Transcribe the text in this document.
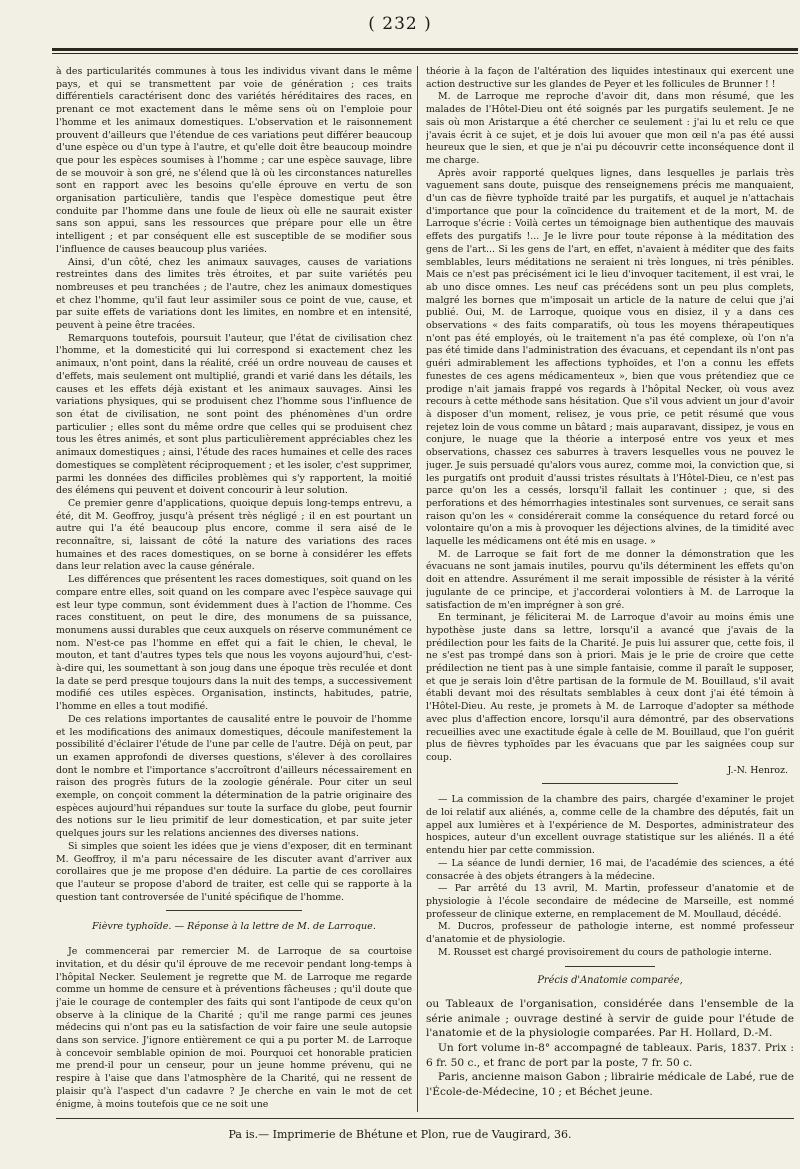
( 232 )

à des particularités communes à tous les individus vivant dans le même pays, et qui se transmettent par voie de génération ; ces traits différentiels caractérisent donc des variétés héréditaires des races, en prenant ce mot exactement dans le même sens où on l'emploie pour l'homme et les animaux domestiques. L'observation et le raisonnement prouvent d'ailleurs que l'étendue de ces variations peut différer beaucoup d'une espèce ou d'un type à l'autre, et qu'elle doit être beaucoup moindre que pour les espèces soumises à l'homme ; car une espèce sauvage, libre de se mouvoir à son gré, ne s'élend que là où les circonstances naturelles sont en rapport avec les besoins qu'elle éprouve en vertu de son organisation particulière, tandis que l'espèce domestique peut être conduite par l'homme dans une foule de lieux où elle ne saurait exister sans son appui, sans les ressources que prépare pour elle un être intelligent ; et par conséquent elle est susceptible de se modifier sous l'influence de causes beaucoup plus variées.

Ainsi, d'un côté, chez les animaux sauvages, causes de variations restreintes dans des limites très étroites, et par suite variétés peu nombreuses et peu tranchées ; de l'autre, chez les animaux domestiques et chez l'homme, qu'il faut leur assimiler sous ce point de vue, cause, et par suite effets de variations dont les limites, en nombre et en intensité, peuvent à peine être tracées.

Remarquons toutefois, poursuit l'auteur, que l'état de civilisation chez l'homme, et la domesticité qui lui correspond si exactement chez les animaux, n'ont point, dans la réalité, créé un ordre nouveau de causes et d'effets, mais seulement ont multiplié, grandi et varié dans les détails, les causes et les effets déjà existant et les animaux sauvages. Ainsi les variations physiques, qui se produisent chez l'homme sous l'influence de son état de civilisation, ne sont point des phénomènes d'un ordre particulier ; elles sont du même ordre que celles qui se produisent chez tous les êtres animés, et sont plus particulièrement appréciables chez les animaux domestiques ; ainsi, l'étude des races humaines et celle des races domestiques se complètent réciproquement ; et les isoler, c'est supprimer, parmi les données des difficiles problèmes qui s'y rapportent, la moitié des élémens qui peuvent et doivent concourir à leur solution.

Ce premier genre d'applications, quoique depuis long-temps entrevu, a été, dit M. Geoffroy, jusqu'à présent très négligé ; il en est pourtant un autre qui l'a été beaucoup plus encore, comme il sera aisé de le reconnaître, si, laissant de côté la nature des variations des races humaines et des races domestiques, on se borne à considérer les effets dans leur relation avec la cause générale.

Les différences que présentent les races domestiques, soit quand on les compare entre elles, soit quand on les compare avec l'espèce sauvage qui est leur type commun, sont évidemment dues à l'action de l'homme. Ces races constituent, on peut le dire, des monumens de sa puissance, monumens aussi durables que ceux auxquels on réserve communément ce nom. N'est-ce pas l'homme en effet qui a fait le chien, le cheval, le mouton, et tant d'autres types tels que nous les voyons aujourd'hui, c'est-à-dire qui, les soumettant à son joug dans une époque très reculée et dont la date se perd presque toujours dans la nuit des temps, a successivement modifié ces utiles espèces. Organisation, instincts, habitudes, patrie, l'homme en elles a tout modifié.

De ces relations importantes de causalité entre le pouvoir de l'homme et les modifications des animaux domestiques, découle manifestement la possibilité d'éclairer l'étude de l'une par celle de l'autre. Déjà on peut, par un examen approfondi de diverses questions, s'élever à des corollaires dont le nombre et l'importance s'accroîtront d'ailleurs nécessairement en raison des progrès futurs de la zoologie générale. Pour citer un seul exemple, on conçoit comment la détermination de la patrie originaire des espèces aujourd'hui répandues sur toute la surface du globe, peut fournir des notions sur le lieu primitif de leur domestication, et par suite jeter quelques jours sur les relations anciennes des diverses nations.

Si simples que soient les idées que je viens d'exposer, dit en terminant M. Geoffroy, il m'a paru nécessaire de les discuter avant d'arriver aux corollaires que je me propose d'en déduire. La partie de ces corollaires que l'auteur se propose d'abord de traiter, est celle qui se rapporte à la question tant controversée de l'unité spécifique de l'homme.

Fièvre typhoïde. — Réponse à la lettre de M. de Larroque.

Je commencerai par remercier M. de Larroque de sa courtoise invitation, et du désir qu'il éprouve de me recevoir pendant long-temps à l'hôpital Necker. Seulement je regrette que M. de Larroque me regarde comme un homme de censure et à préventions fâcheuses ; qu'il doute que j'aie le courage de contempler des faits qui sont l'antipode de ceux qu'on observe à la clinique de la Charité ; qu'il me range parmi ces jeunes médecins qui n'ont pas eu la satisfaction de voir faire une seule autopsie dans son service. J'ignore entièrement ce qui a pu porter M. de Larroque à concevoir semblable opinion de moi. Pourquoi cet honorable praticien me prend-il pour un censeur, pour un jeune homme prévenu, qui ne respire à l'aise que dans l'atmosphère de la Charité, qui ne ressent de plaisir qu'à l'aspect d'un cadavre ? Je cherche en vain le mot de cet énigme, à moins toutefois que ce ne soit une

théorie à la façon de l'altération des liquides intestinaux qui exercent une action destructive sur les glandes de Peyer et les follicules de Brunner ! !

M. de Larroque me reproche d'avoir dit, dans mon résumé, que les malades de l'Hôtel-Dieu ont été soignés par les purgatifs seulement. Je ne sais où mon Aristarque a été chercher ce seulement : j'ai lu et relu ce que j'avais écrit à ce sujet, et je dois lui avouer que mon œil n'a pas été aussi heureux que le sien, et que je n'ai pu découvrir cette inconséquence dont il me charge.

Après avoir rapporté quelques lignes, dans lesquelles je parlais très vaguement sans doute, puisque des renseignemens précis me manquaient, d'un cas de fièvre typhoïde traité par les purgatifs, et auquel je n'attachais d'importance que pour la coïncidence du traitement et de la mort, M. de Larroque s'écrie : Voilà certes un témoignage bien authentique des mauvais effets des purgatifs !... Je le livre pour toute réponse à la méditation des gens de l'art... Si les gens de l'art, en effet, n'avaient à méditer que des faits semblables, leurs méditations ne seraient ni très longues, ni très pénibles. Mais ce n'est pas précisément ici le lieu d'invoquer tacitement, il est vrai, le ab uno disce omnes. Les neuf cas précédens sont un peu plus complets, malgré les bornes que m'imposait un article de la nature de celui que j'ai publié. Oui, M. de Larroque, quoique vous en disiez, il y a dans ces observations « des faits comparatifs, où tous les moyens thérapeutiques n'ont pas été employés, où le traitement n'a pas été complexe, où l'on n'a pas été timide dans l'administration des évacuans, et cependant ils n'ont pas guéri admirablement les affections typhoïdes, et l'on a connu les effets funestes de ces agens médicamenteux », bien que vous prétendiez que ce prodige n'ait jamais frappé vos regards à l'hôpital Necker, où vous avez recours à cette méthode sans hésitation. Que s'il vous advient un jour d'avoir à disposer d'un moment, relisez, je vous prie, ce petit résumé que vous rejetez loin de vous comme un bâtard ; mais auparavant, dissipez, je vous en conjure, le nuage que la théorie a interposé entre vos yeux et mes observations, chassez ces saburres à travers lesquelles vous ne pouvez le juger. Je suis persuadé qu'alors vous aurez, comme moi, la conviction que, si les purgatifs ont produit d'aussi tristes résultats à l'Hôtel-Dieu, ce n'est pas parce qu'on les a cessés, lorsqu'il fallait les continuer ; que, si des perforations et des hémorrhagies intestinales sont survenues, ce serait sans raison qu'on les « considérerait comme la conséquence du retard forcé ou volontaire qu'on a mis à provoquer les déjections alvines, de la timidité avec laquelle les médicamens ont été mis en usage. »

M. de Larroque se fait fort de me donner la démonstration que les évacuans ne sont jamais inutiles, pourvu qu'ils déterminent les effets qu'on doit en attendre. Assurément il me serait impossible de résister à la vérité jugulante de ce principe, et j'accorderai volontiers à M. de Larroque la satisfaction de m'en imprégner à son gré.

En terminant, je féliciterai M. de Larroque d'avoir au moins émis une hypothèse juste dans sa lettre, lorsqu'il a avancé que j'avais de la prédilection pour les faits de la Charité. Je puis lui assurer que, cette fois, il ne s'est pas trompé dans son à priori. Mais je le prie de croire que cette prédilection ne tient pas à une simple fantaisie, comme il paraît le supposer, et que je serais loin d'être partisan de la formule de M. Bouillaud, s'il avait établi devant moi des résultats semblables à ceux dont j'ai été témoin à l'Hôtel-Dieu. Au reste, je promets à M. de Larroque d'adopter sa méthode avec plus d'affection encore, lorsqu'il aura démontré, par des observations recueillies avec une exactitude égale à celle de M. Bouillaud, que l'on guérit plus de fièvres typhoïdes par les évacuans que par les saignées coup sur coup.

J.-N. Henroz.

— La commission de la chambre des pairs, chargée d'examiner le projet de loi relatif aux aliénés, a, comme celle de la chambre des députés, fait un appel aux lumières et à l'expérience de M. Desportes, administrateur des hospices, auteur d'un excellent ouvrage statistique sur les aliénés. Il a été entendu hier par cette commission.

— La séance de lundi dernier, 16 mai, de l'académie des sciences, a été consacrée à des objets étrangers à la médecine.

— Par arrêté du 13 avril, M. Martin, professeur d'anatomie et de physiologie à l'école secondaire de médecine de Marseille, est nommé professeur de clinique externe, en remplacement de M. Moullaud, décédé.

M. Ducros, professeur de pathologie interne, est nommé professeur d'anatomie et de physiologie.

M. Rousset est chargé provisoirement du cours de pathologie interne.

Précis d'Anatomie comparée,

ou Tableaux de l'organisation, considérée dans l'ensemble de la série animale ; ouvrage destiné à servir de guide pour l'étude de l'anatomie et de la physiologie comparées. Par H. Hollard, D.-M.

Un fort volume in-8° accompagné de tableaux. Paris, 1837. Prix : 6 fr. 50 c., et franc de port par la poste, 7 fr. 50 c.

Paris, ancienne maison Gabon ; librairie médicale de Labé, rue de l'École-de-Médecine, 10 ; et Béchet jeune.

Pa is.— Imprimerie de Bhétune et Plon, rue de Vaugirard, 36.
